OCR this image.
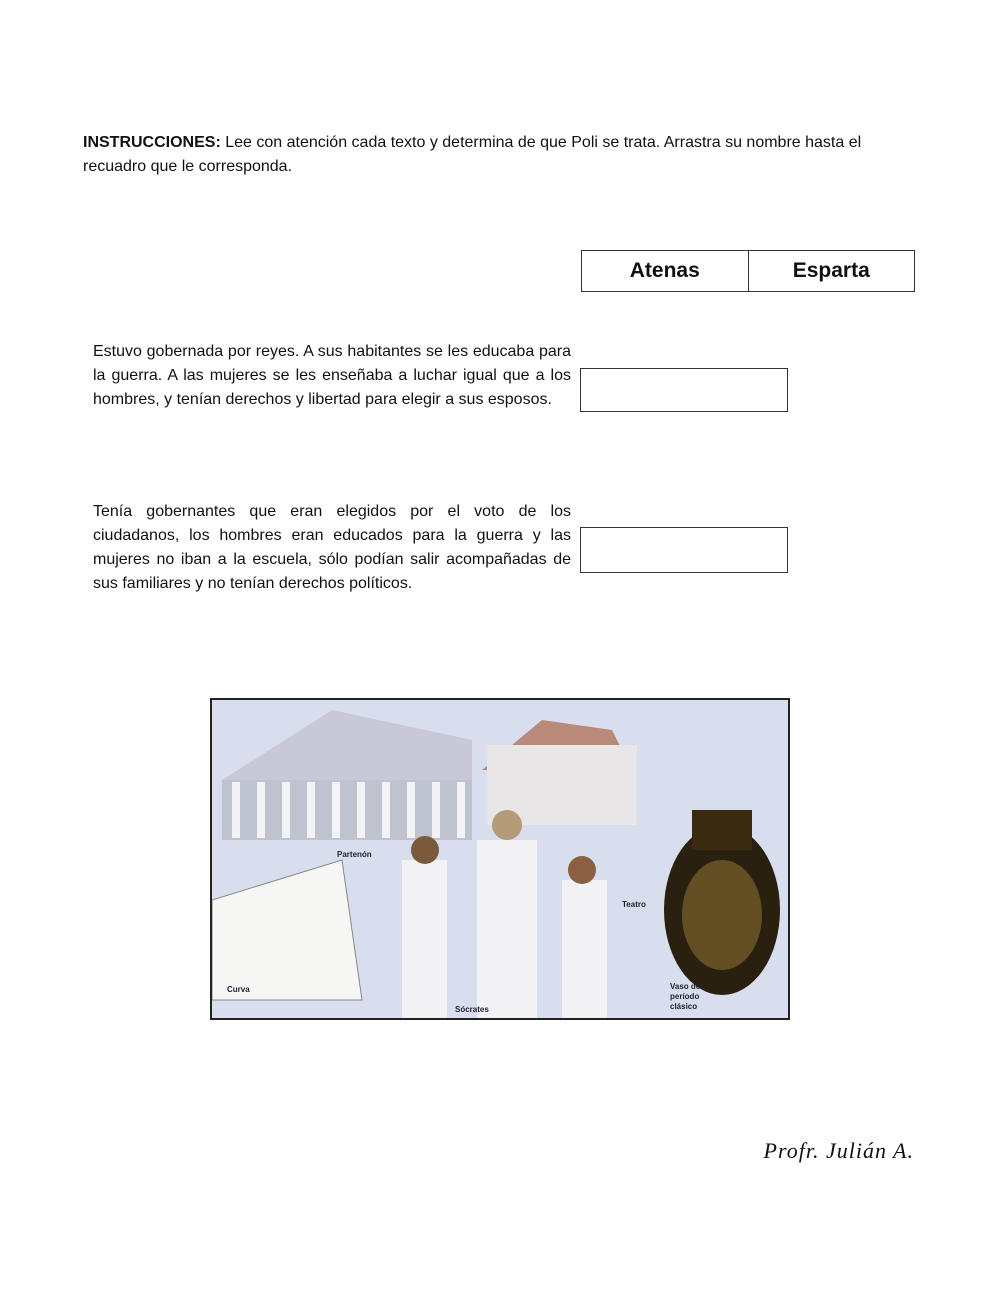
INSTRUCCIONES: Lee con atención cada texto y determina de que Poli se trata. Arrastra su nombre hasta el recuadro que le corresponda.
Atenas	Esparta
Estuvo gobernada por reyes. A sus habitantes se les educaba para la guerra. A las mujeres se les enseñaba a luchar igual que a los hombres, y tenían derechos y libertad para elegir a sus esposos.
Tenía gobernantes que eran elegidos por el voto de los ciudadanos, los hombres eran educados para la guerra y las mujeres no iban a la escuela, sólo podían salir acompañadas de sus familiares y no tenían derechos políticos.
Partenón
Teatro
Curva
Sócrates
Vaso del período clásico
Profr. Julián A.
